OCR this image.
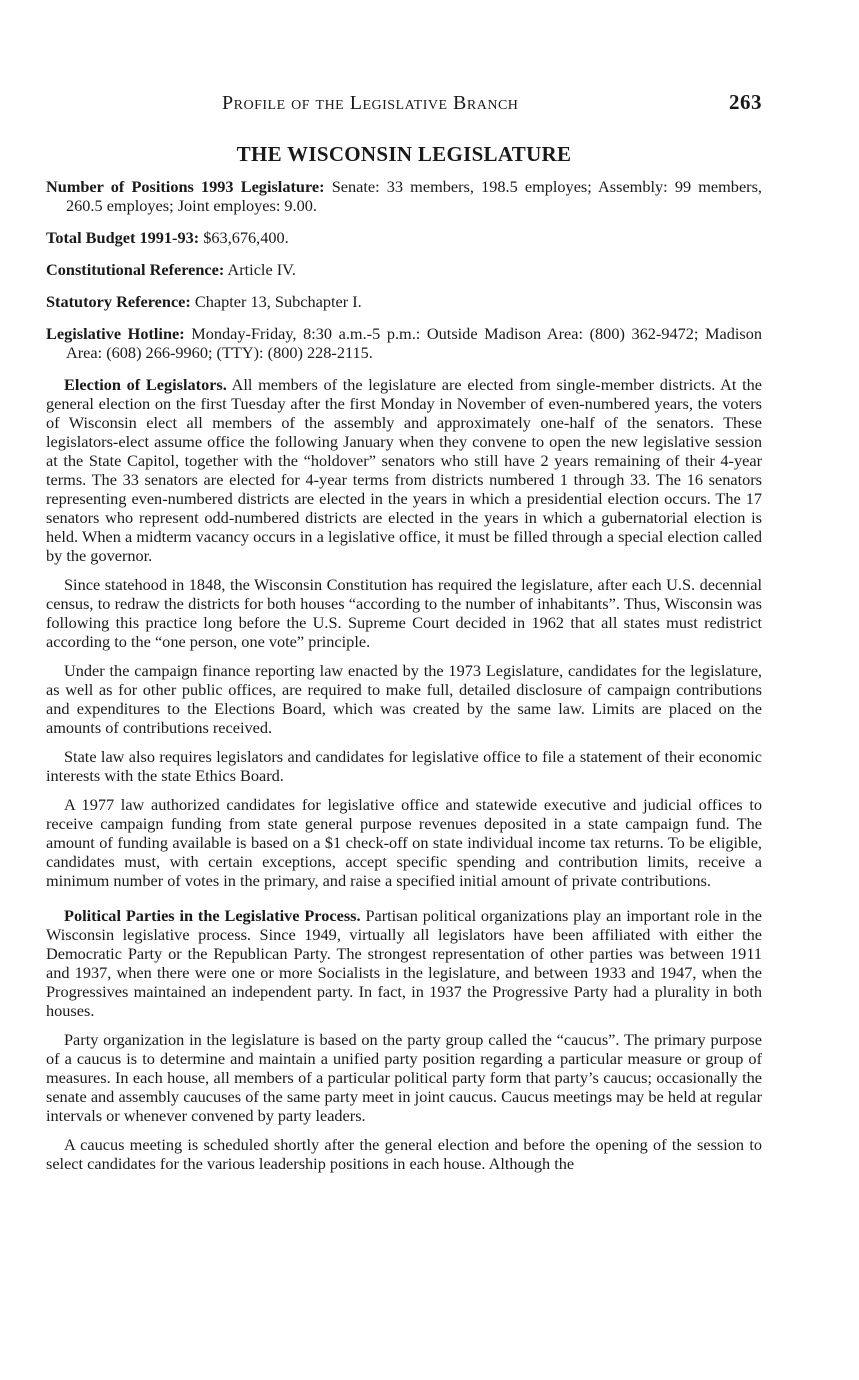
Profile of the Legislative Branch	263
THE WISCONSIN LEGISLATURE

Number of Positions 1993 Legislature: Senate: 33 members, 198.5 employes; Assembly: 99 members, 260.5 employes; Joint employes: 9.00.

Total Budget 1991-93: $63,676,400.

Constitutional Reference: Article IV.

Statutory Reference: Chapter 13, Subchapter I.

Legislative Hotline: Monday-Friday, 8:30 a.m.-5 p.m.: Outside Madison Area: (800) 362-9472; Madison Area: (608) 266-9960; (TTY): (800) 228-2115.

Election of Legislators. All members of the legislature are elected from single-member districts. At the general election on the first Tuesday after the first Monday in November of even-numbered years, the voters of Wisconsin elect all members of the assembly and approximately one-half of the senators. These legislators-elect assume office the following January when they convene to open the new legislative session at the State Capitol, together with the “holdover” senators who still have 2 years remaining of their 4-year terms. The 33 senators are elected for 4-year terms from districts numbered 1 through 33. The 16 senators representing even-numbered districts are elected in the years in which a presidential election occurs. The 17 senators who represent odd-numbered districts are elected in the years in which a gubernatorial election is held. When a midterm vacancy occurs in a legislative office, it must be filled through a special election called by the governor.

Since statehood in 1848, the Wisconsin Constitution has required the legislature, after each U.S. decennial census, to redraw the districts for both houses “according to the number of inhabitants”. Thus, Wisconsin was following this practice long before the U.S. Supreme Court decided in 1962 that all states must redistrict according to the “one person, one vote” principle.

Under the campaign finance reporting law enacted by the 1973 Legislature, candidates for the legislature, as well as for other public offices, are required to make full, detailed disclosure of campaign contributions and expenditures to the Elections Board, which was created by the same law. Limits are placed on the amounts of contributions received.

State law also requires legislators and candidates for legislative office to file a statement of their economic interests with the state Ethics Board.

A 1977 law authorized candidates for legislative office and statewide executive and judicial offices to receive campaign funding from state general purpose revenues deposited in a state campaign fund. The amount of funding available is based on a $1 check-off on state individual income tax returns. To be eligible, candidates must, with certain exceptions, accept specific spending and contribution limits, receive a minimum number of votes in the primary, and raise a specified initial amount of private contributions.

Political Parties in the Legislative Process. Partisan political organizations play an important role in the Wisconsin legislative process. Since 1949, virtually all legislators have been affiliated with either the Democratic Party or the Republican Party. The strongest representation of other parties was between 1911 and 1937, when there were one or more Socialists in the legislature, and between 1933 and 1947, when the Progressives maintained an independent party. In fact, in 1937 the Progressive Party had a plurality in both houses.

Party organization in the legislature is based on the party group called the “caucus”. The primary purpose of a caucus is to determine and maintain a unified party position regarding a particular measure or group of measures. In each house, all members of a particular political party form that party’s caucus; occasionally the senate and assembly caucuses of the same party meet in joint caucus. Caucus meetings may be held at regular intervals or whenever convened by party leaders.

A caucus meeting is scheduled shortly after the general election and before the opening of the session to select candidates for the various leadership positions in each house. Although the
